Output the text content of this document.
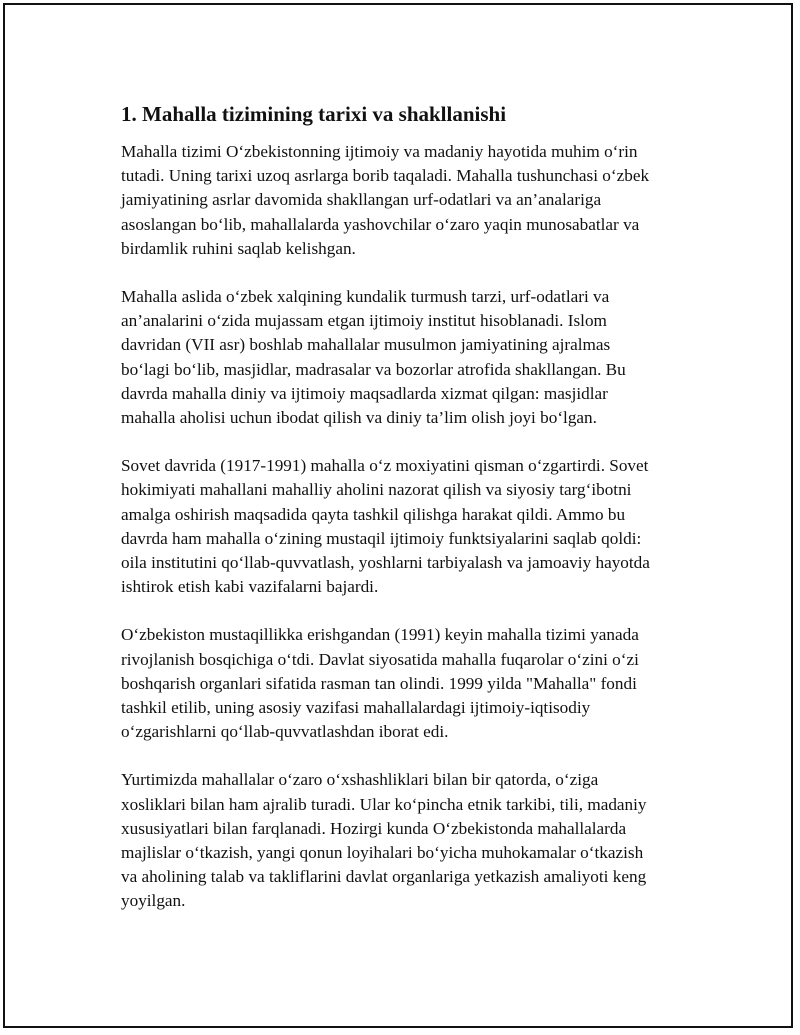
1. Mahalla tizimining tarixi va shakllanishi

Mahalla tizimi O‘zbekistonning ijtimoiy va madaniy hayotida muhim o‘rin
tutadi. Uning tarixi uzoq asrlarga borib taqaladi. Mahalla tushunchasi o‘zbek
jamiyatining asrlar davomida shakllangan urf-odatlari va an’analariga
asoslangan bo‘lib, mahallalarda yashovchilar o‘zaro yaqin munosabatlar va
birdamlik ruhini saqlab kelishgan.

Mahalla aslida o‘zbek xalqining kundalik turmush tarzi, urf-odatlari va
an’analarini o‘zida mujassam etgan ijtimoiy institut hisoblanadi. Islom
davridan (VII asr) boshlab mahallalar musulmon jamiyatining ajralmas
bo‘lagi bo‘lib, masjidlar, madrasalar va bozorlar atrofida shakllangan. Bu
davrda mahalla diniy va ijtimoiy maqsadlarda xizmat qilgan: masjidlar
mahalla aholisi uchun ibodat qilish va diniy ta’lim olish joyi bo‘lgan.

Sovet davrida (1917-1991) mahalla o‘z moxiyatini qisman o‘zgartirdi. Sovet
hokimiyati mahallani mahalliy aholini nazorat qilish va siyosiy targ‘ibotni
amalga oshirish maqsadida qayta tashkil qilishga harakat qildi. Ammo bu
davrda ham mahalla o‘zining mustaqil ijtimoiy funktsiyalarini saqlab qoldi:
oila institutini qo‘llab-quvvatlash, yoshlarni tarbiyalash va jamoaviy hayotda
ishtirok etish kabi vazifalarni bajardi.

O‘zbekiston mustaqillikka erishgandan (1991) keyin mahalla tizimi yanada
rivojlanish bosqichiga o‘tdi. Davlat siyosatida mahalla fuqarolar o‘zini o‘zi
boshqarish organlari sifatida rasman tan olindi. 1999 yilda "Mahalla" fondi
tashkil etilib, uning asosiy vazifasi mahallalardagi ijtimoiy-iqtisodiy
o‘zgarishlarni qo‘llab-quvvatlashdan iborat edi.

Yurtimizda mahallalar o‘zaro o‘xshashliklari bilan bir qatorda, o‘ziga
xosliklari bilan ham ajralib turadi. Ular ko‘pincha etnik tarkibi, tili, madaniy
xususiyatlari bilan farqlanadi. Hozirgi kunda O‘zbekistonda mahallalarda
majlislar o‘tkazish, yangi qonun loyihalari bo‘yicha muhokamalar o‘tkazish
va aholining talab va takliflarini davlat organlariga yetkazish amaliyoti keng
yoyilgan.
